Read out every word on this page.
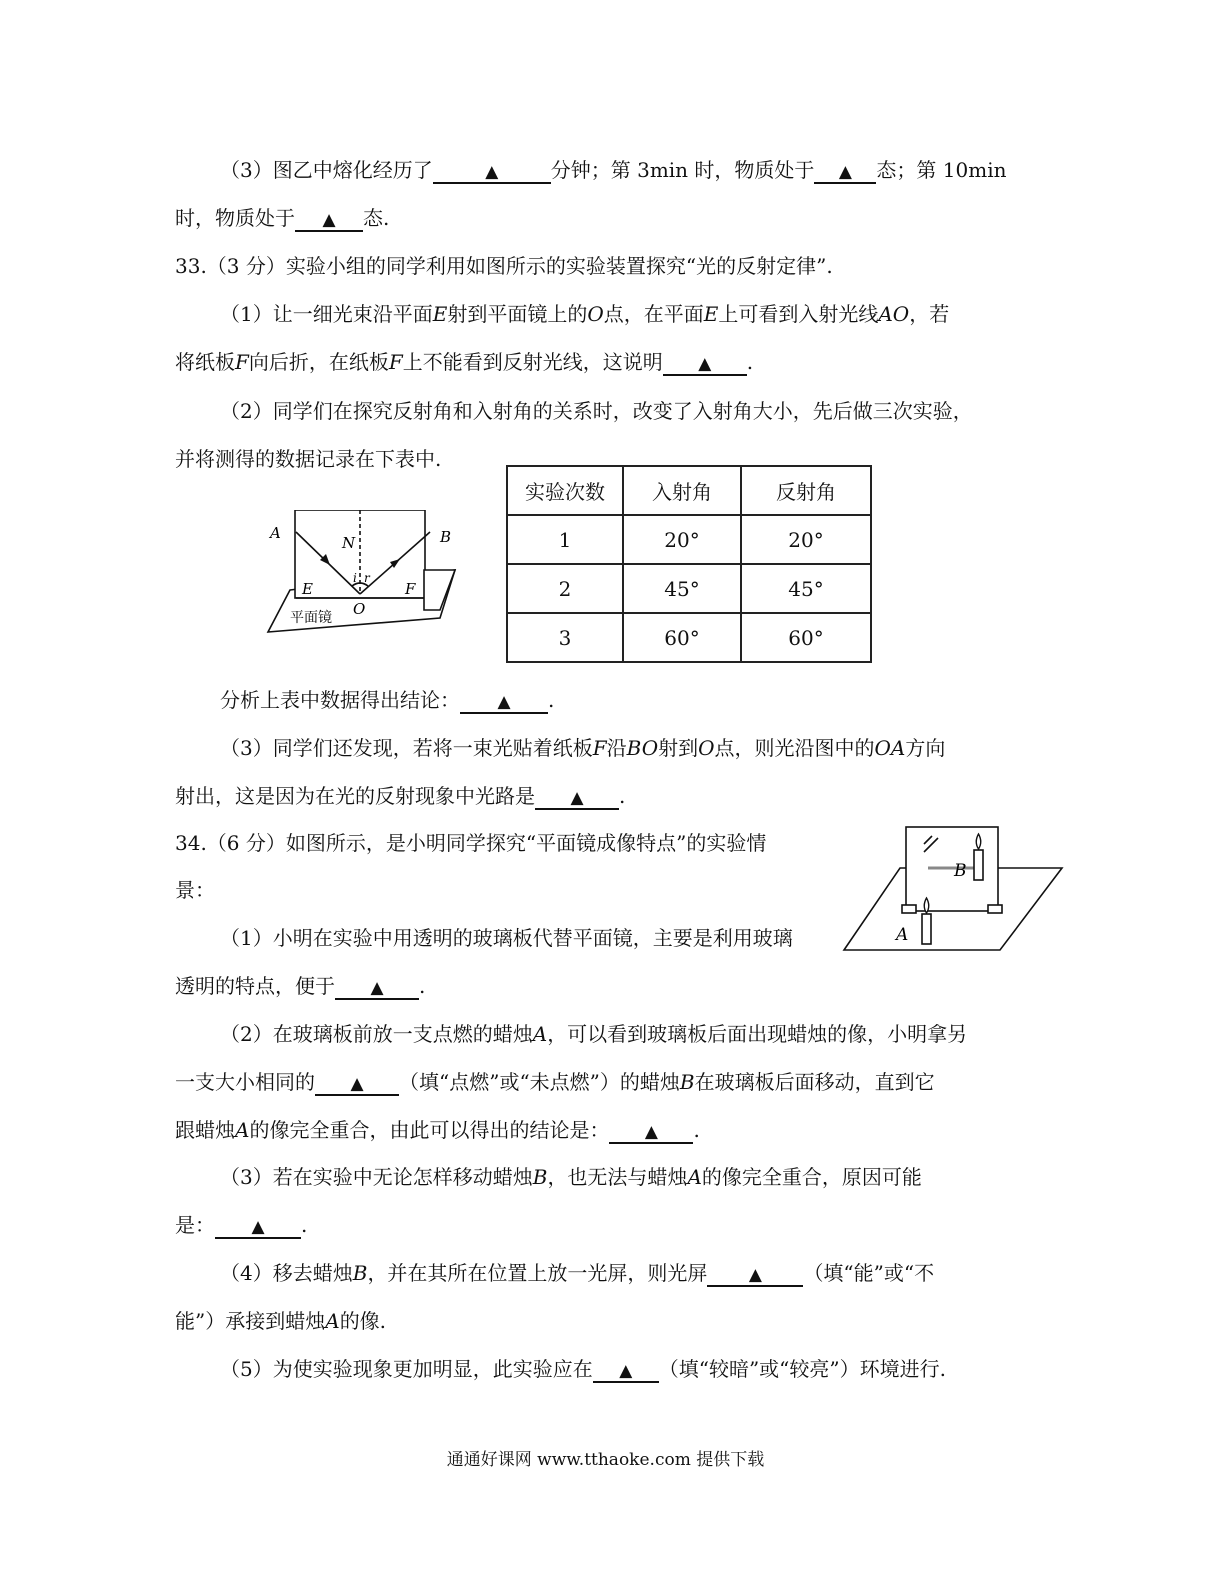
（3）图乙中熔化经历了	▲	分钟；第 3min 时，物质处于 ▲ 态；第 10min
时，物质处于 ▲ 态.
33.（3 分）实验小组的同学利用如图所示的实验装置探究“光的反射定律”.
（1）让一细光束沿平面E射到平面镜上的O点，在平面E上可看到入射光线AO，若
将纸板F向后折，在纸板F上不能看到反射光线，这说明 ▲ .
（2）同学们在探究反射角和入射角的关系时，改变了入射角大小，先后做三次实验，
并将测得的数据记录在下表中.
A	B
N
E	F
O
i r
平面镜
实验次数	入射角	反射角
1	20°	20°
2	45°	45°
3	60°	60°
分析上表中数据得出结论： ▲ .
（3）同学们还发现，若将一束光贴着纸板F沿BO射到O点，则光沿图中的OA方向
射出，这是因为在光的反射现象中光路是 ▲ .
34.（6 分）如图所示，是小明同学探究“平面镜成像特点”的实验情
景：
B
A
（1）小明在实验中用透明的玻璃板代替平面镜，主要是利用玻璃
透明的特点，便于 ▲ .
（2）在玻璃板前放一支点燃的蜡烛A，可以看到玻璃板后面出现蜡烛的像，小明拿另
一支大小相同的 ▲ （填“点燃”或“未点燃”）的蜡烛B在玻璃板后面移动，直到它
跟蜡烛A的像完全重合，由此可以得出的结论是： ▲ .
（3）若在实验中无论怎样移动蜡烛B，也无法与蜡烛A的像完全重合，原因可能
是： ▲ .
（4）移去蜡烛B，并在其所在位置上放一光屏，则光屏 ▲ （填“能”或“不
能”）承接到蜡烛A的像.
（5）为使实验现象更加明显，此实验应在 ▲ （填“较暗”或“较亮”）环境进行.
通通好课网 www.tthaoke.com 提供下载
